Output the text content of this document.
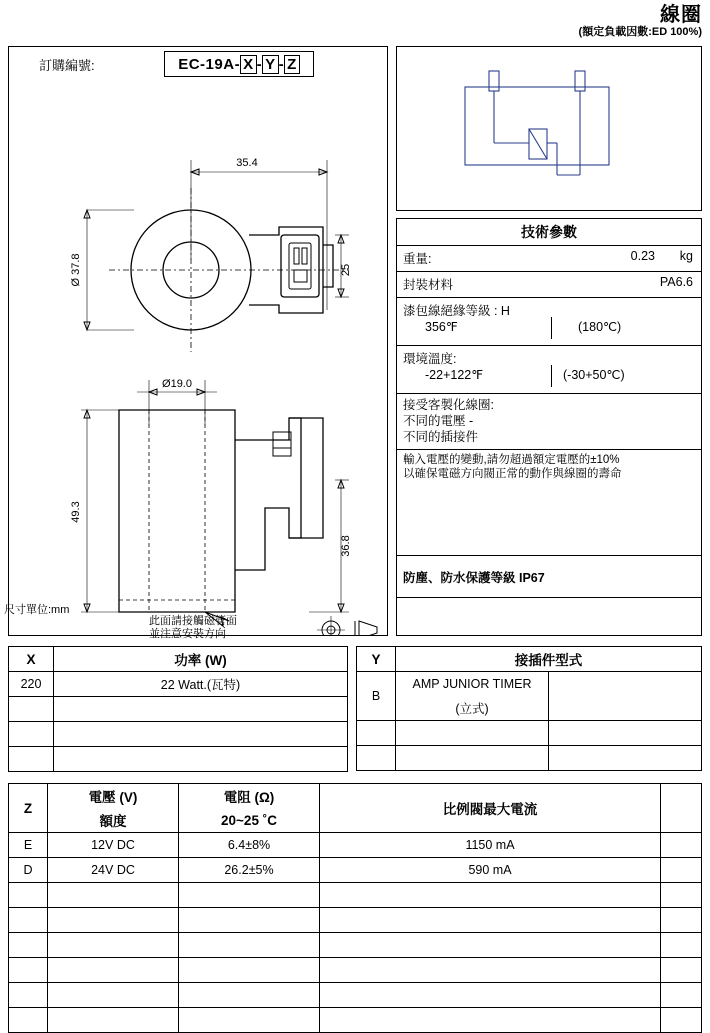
線圈
(額定負載因數:ED 100%)
訂購編號:	EC-19A- X - Y - Z
35.4
Ø 37.8	25
Ø19.0
49.3
36.8
此面請接觸磁管面
並注意安裝方向
尺寸單位:mm
技術參數
重量:	0.23 kg
封裝材料	PA6.6
漆包線絕緣等級 : H
356℉	(180℃)
環境溫度:
-22+122℉	(-30+50℃)
接受客製化線圈:
不同的電壓 -
不同的插接件
輸入電壓的變動,請勿超過額定電壓的±10%
以確保電磁方向閥正常的動作與線圈的壽命
防塵、防水保護等級 IP67
X	功率 (W)
220	22 Watt.(瓦特)

Y	接插件型式	
B	AMP JUNIOR TIMER	
	(立式)	

Z	電壓 (V)	電阻 (Ω)	比例閥最大電流	
	額度	20~25 ˚C		
E	12V DC	6.4±8%	1150 mA	
D	24V DC	26.2±5%	590 mA	
